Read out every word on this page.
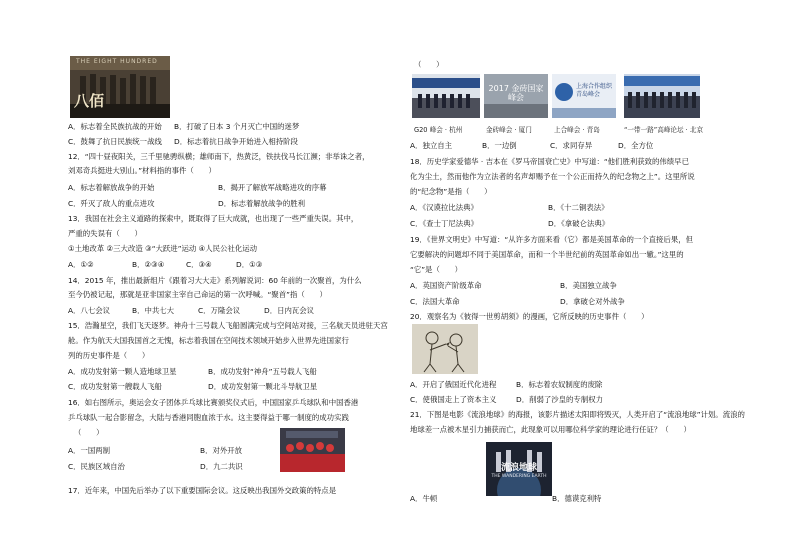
THE EIGHT HUNDRED
八佰
A．标志着全民族抗战的开始 B．打破了日本 3 个月灭亡中国的迷梦
C．鼓舞了抗日民族统一战线 D．标志着抗日战争开始进入相持阶段
12．“四十昼夜阳关，三千里驰骋纵横；雄师南下，热黄泛，铁扶伐马长江濒；非举诛之者，
刘邓奇兵挺进大别山。”材料指的事件（　　）
A．标志着解放战争的开始	B．揭开了解放军战略进攻的序幕
C．歼灭了敌人的重点进攻	D．标志着解放战争的胜利
13．我国在社会主义道路的探索中，既取得了巨大成就，也出现了一些严重失误。其中，
严重的失误有（　　）
①土地改革 ②三大改造 ③“大跃进”运动 ④人民公社化运动
A．①②	B．②③④	C．③④	D．①③
14．2015 年，推出最新组片《跟着习大大走》系列解说词：60 年前的一次聚首，为什么
至今仍被记起，那就是亚非国家主宰自己命运的第一次呼喊。“聚首”指（　　）
A．八七会议	B．中共七大	C．万隆会议	D．日内瓦会议
15．浩瀚星空，我们飞天逐梦。神舟十三号载人飞船圆满完成与空间站对接，三名航天员进驻天宫
舱。作为航天大国我国首之无愧，标志着我国在空间技术领域开始步入世界先进国家行
列的历史事件是（　　）
A．成功发射第一颗人造地球卫星	B．成功发射“神舟”五号载人飞船
C．成功发射第一艘载人飞船	D．成功发射第一颗北斗导航卫星
16．如右图所示，奥运会女子团体乒乓球比赛颁奖仪式后，中国国家乒乓球队和中国香港
乒乓球队一起合影留念，大陆与香港同胞血浓于水。这主要得益于哪一制度的成功实践
（　　）
A．一国两制	B．对外开放
C．民族区域自治	D．九二共识
17．近年来，中国先后举办了以下重要国际会议。这反映出我国外交政策的特点是
（　　）
2017 金砖国家峰会
上海合作组织 青岛峰会
G20 峰会 · 杭州	金砖峰会 · 厦门	上合峰会 · 青岛	“一带一路”高峰论坛 · 北京
A．独立自主	B．一边倒	C．求同存异	D．全方位
18．历史学家爱德华 · 吉本在《罗马帝国衰亡史》中写道：“他们胜利获致的伟绩早已
化为尘土，然而他作为立法者的名声却赐予在一个公正而持久的纪念物之上”。这里所说
的“纪念物”是指（　　）
A．《汉谟拉比法典》	B．《十二铜表法》
C．《查士丁尼法典》	D．《拿破仑法典》
19．《世界文明史》中写道：“从许多方面来看（它）都是美国革命的一个直接后果，但
它要解决的问题却不同于美国革命，而和一个半世纪前的英国革命如出一辙。”这里的
“它”是（　　）
A．英国资产阶级革命	B．美国独立战争
C．法国大革命	D．拿破仑对外战争
20．观察名为《彼得一世剪胡须》的漫画，它所反映的历史事件（　　）
A．开启了俄国近代化进程	B．标志着农奴制度的废除
C．使俄国走上了资本主义	D．削弱了沙皇的专制权力
21．下图是电影《流浪地球》的海报，该影片描述太阳即将毁灭，人类开启了“流浪地球”计划。流浪的
地球差一点被木星引力捕获而亡，此现象可以用哪位科学家的理论进行任证？（　　）
流浪地球
THE WANDERING EARTH
A．牛顿	B．德谟克利特
